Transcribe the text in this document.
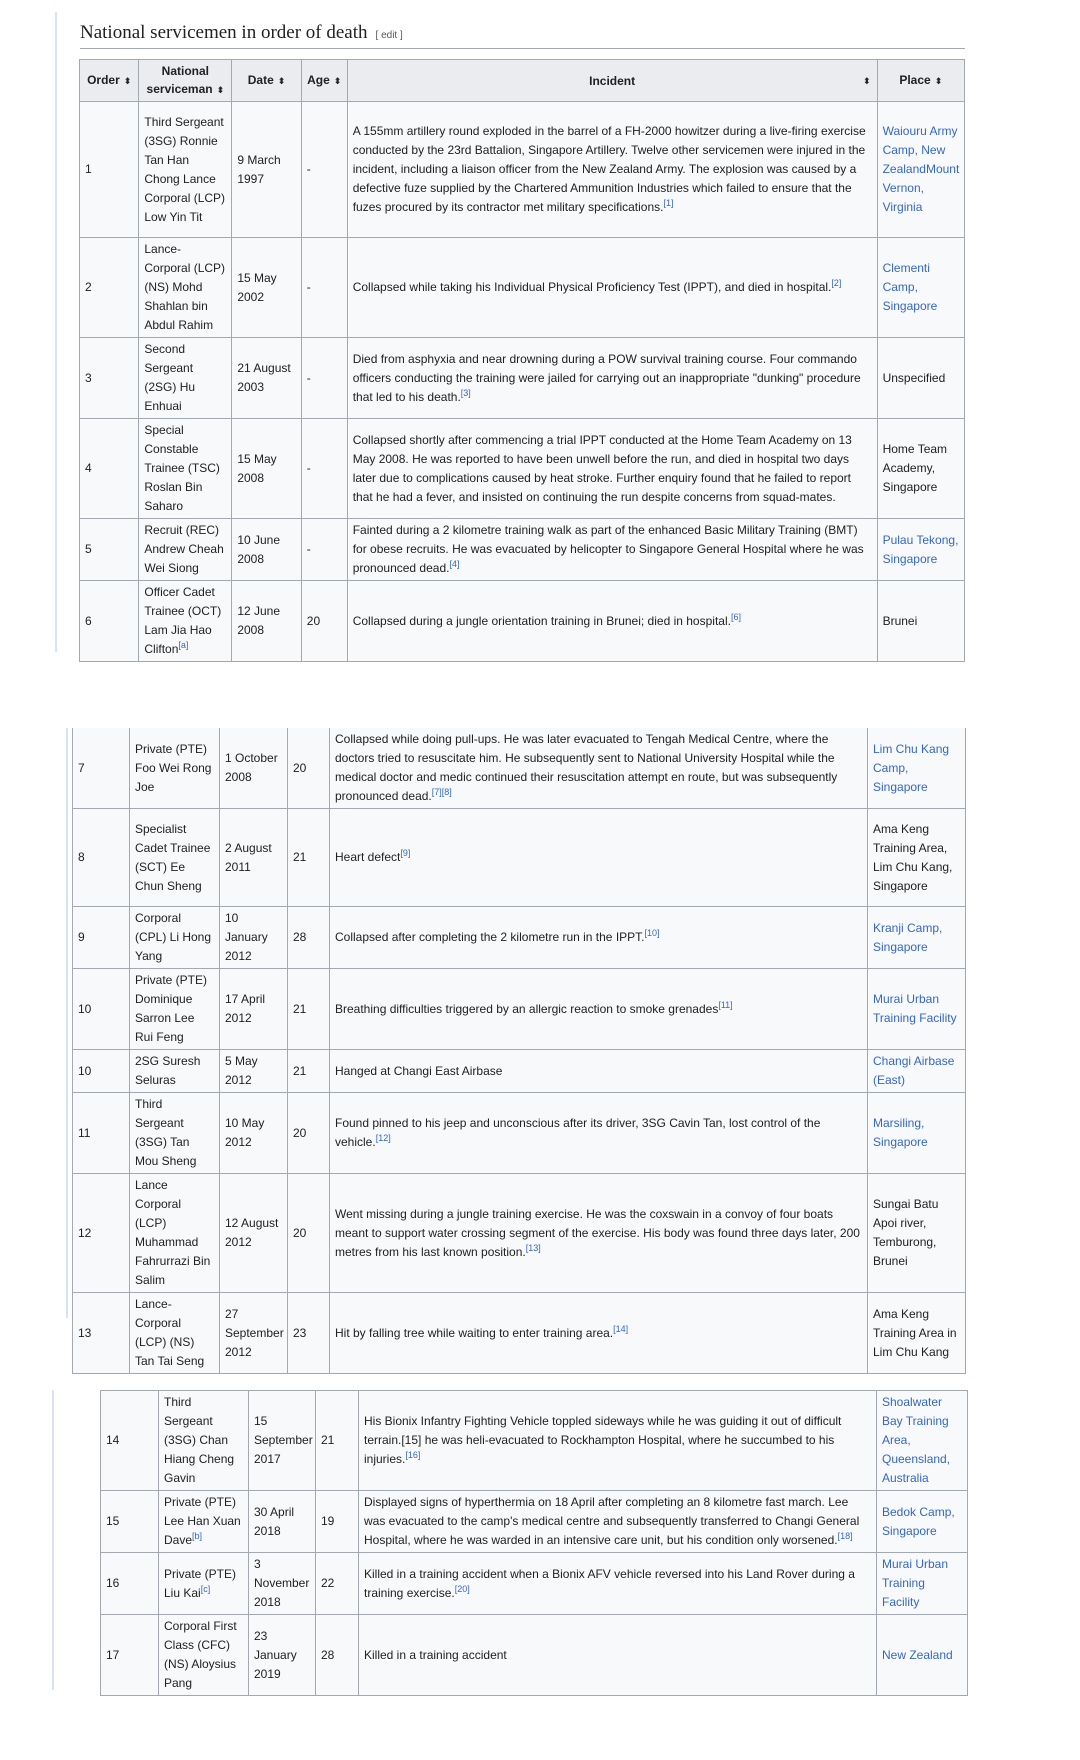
National servicemen in order of death [ edit ]
Order ⬍	National serviceman ⬍	Date ⬍	Age ⬍	Incident ⬍	Place ⬍
1	Third Sergeant (3SG) Ronnie Tan Han Chong Lance Corporal (LCP) Low Yin Tit	9 March 1997	-	A 155mm artillery round exploded in the barrel of a FH-2000 howitzer during a live-firing exercise conducted by the 23rd Battalion, Singapore Artillery. Twelve other servicemen were injured in the incident, including a liaison officer from the New Zealand Army. The explosion was caused by a defective fuze supplied by the Chartered Ammunition Industries which failed to ensure that the fuzes procured by its contractor met military specifications.[1]	Waiouru Army Camp, New ZealandMount Vernon, Virginia
2	Lance-Corporal (LCP) (NS) Mohd Shahlan bin Abdul Rahim	15 May 2002	-	Collapsed while taking his Individual Physical Proficiency Test (IPPT), and died in hospital.[2]	Clementi Camp, Singapore
3	Second Sergeant (2SG) Hu Enhuai	21 August 2003	-	Died from asphyxia and near drowning during a POW survival training course. Four commando officers conducting the training were jailed for carrying out an inappropriate "dunking" procedure that led to his death.[3]	Unspecified
4	Special Constable Trainee (TSC) Roslan Bin Saharo	15 May 2008	-	Collapsed shortly after commencing a trial IPPT conducted at the Home Team Academy on 13 May 2008. He was reported to have been unwell before the run, and died in hospital two days later due to complications caused by heat stroke. Further enquiry found that he failed to report that he had a fever, and insisted on continuing the run despite concerns from squad-mates.	Home Team Academy, Singapore
5	Recruit (REC) Andrew Cheah Wei Siong	10 June 2008	-	Fainted during a 2 kilometre training walk as part of the enhanced Basic Military Training (BMT) for obese recruits. He was evacuated by helicopter to Singapore General Hospital where he was pronounced dead.[4]	Pulau Tekong, Singapore
6	Officer Cadet Trainee (OCT) Lam Jia Hao Clifton[a]	12 June 2008	20	Collapsed during a jungle orientation training in Brunei; died in hospital.[6]	Brunei
7	Private (PTE) Foo Wei Rong Joe	1 October 2008	20	Collapsed while doing pull-ups. He was later evacuated to Tengah Medical Centre, where the doctors tried to resuscitate him. He subsequently sent to National University Hospital while the medical doctor and medic continued their resuscitation attempt en route, but was subsequently pronounced dead.[7][8]	Lim Chu Kang Camp, Singapore
8	Specialist Cadet Trainee (SCT) Ee Chun Sheng	2 August 2011	21	Heart defect[9]	Ama Keng Training Area, Lim Chu Kang, Singapore
9	Corporal (CPL) Li Hong Yang	10 January 2012	28	Collapsed after completing the 2 kilometre run in the IPPT.[10]	Kranji Camp, Singapore
10	Private (PTE) Dominique Sarron Lee Rui Feng	17 April 2012	21	Breathing difficulties triggered by an allergic reaction to smoke grenades[11]	Murai Urban Training Facility
10	2SG Suresh Seluras	5 May 2012	21	Hanged at Changi East Airbase	Changi Airbase (East)
11	Third Sergeant (3SG) Tan Mou Sheng	10 May 2012	20	Found pinned to his jeep and unconscious after its driver, 3SG Cavin Tan, lost control of the vehicle.[12]	Marsiling, Singapore
12	Lance Corporal (LCP) Muhammad Fahrurrazi Bin Salim	12 August 2012	20	Went missing during a jungle training exercise. He was the coxswain in a convoy of four boats meant to support water crossing segment of the exercise. His body was found three days later, 200 metres from his last known position.[13]	Sungai Batu Apoi river, Temburong, Brunei
13	Lance-Corporal (LCP) (NS) Tan Tai Seng	27 September 2012	23	Hit by falling tree while waiting to enter training area.[14]	Ama Keng Training Area in Lim Chu Kang
14	Third Sergeant (3SG) Chan Hiang Cheng Gavin	15 September 2017	21	His Bionix Infantry Fighting Vehicle toppled sideways while he was guiding it out of difficult terrain.[15] he was heli-evacuated to Rockhampton Hospital, where he succumbed to his injuries.[16]	Shoalwater Bay Training Area, Queensland, Australia
15	Private (PTE) Lee Han Xuan Dave[b]	30 April 2018	19	Displayed signs of hyperthermia on 18 April after completing an 8 kilometre fast march. Lee was evacuated to the camp's medical centre and subsequently transferred to Changi General Hospital, where he was warded in an intensive care unit, but his condition only worsened.[18]	Bedok Camp, Singapore
16	Private (PTE) Liu Kai[c]	3 November 2018	22	Killed in a training accident when a Bionix AFV vehicle reversed into his Land Rover during a training exercise.[20]	Murai Urban Training Facility
17	Corporal First Class (CFC) (NS) Aloysius Pang	23 January 2019	28	Killed in a training accident	New Zealand
